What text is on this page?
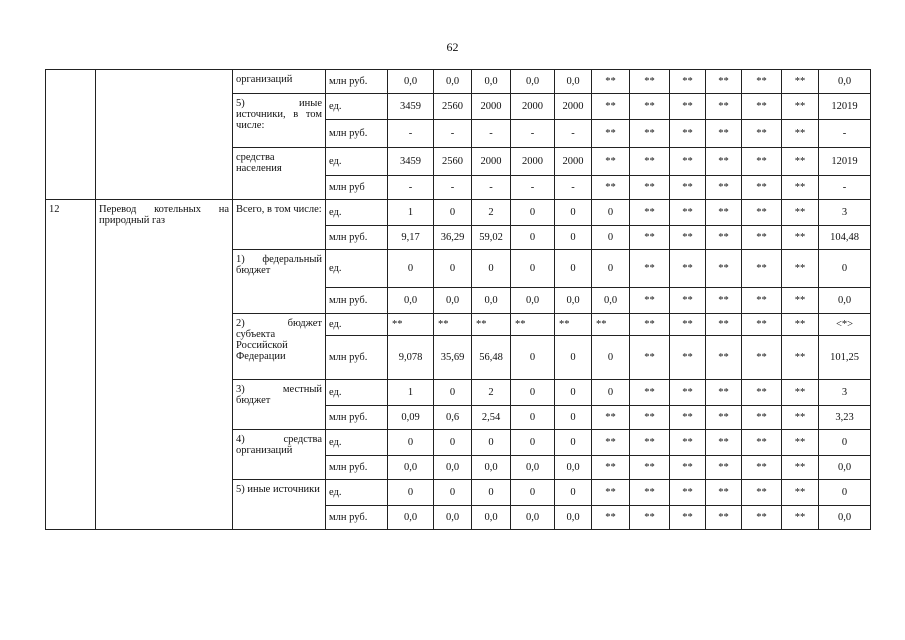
62
		организаций	млн руб.	0,0	0,0	0,0	0,0	0,0	**	**	**	**	**	**	0,0
		5) иные источники, в том числе:	ед.	3459	2560	2000	2000	2000	**	**	**	**	**	**	12019
			млн руб.	-	-	-	-	-	**	**	**	**	**	**	-
		средства населения	ед.	3459	2560	2000	2000	2000	**	**	**	**	**	**	12019
			млн руб	-	-	-	-	-	**	**	**	**	**	**	-
12	Перевод котельных на природный газ	Всего, в том числе:	ед.	1	0	2	0	0	0	**	**	**	**	**	3
			млн руб.	9,17	36,29	59,02	0	0	0	**	**	**	**	**	104,48
		1) федеральный бюджет	ед.	0	0	0	0	0	0	**	**	**	**	**	0
			млн руб.	0,0	0,0	0,0	0,0	0,0	0,0	**	**	**	**	**	0,0
		2) бюджет субъекта Российской Федерации	ед.	**	**	**	**	**	**	**	**	**	**	**	<*>
			млн руб.	9,078	35,69	56,48	0	0	0	**	**	**	**	**	101,25
		3) местный бюджет	ед.	1	0	2	0	0	0	**	**	**	**	**	3
			млн руб.	0,09	0,6	2,54	0	0	**	**	**	**	**	**	3,23
		4) средства организаций	ед.	0	0	0	0	0	**	**	**	**	**	**	0
			млн руб.	0,0	0,0	0,0	0,0	0,0	**	**	**	**	**	**	0,0
		5) иные источники	ед.	0	0	0	0	0	**	**	**	**	**	**	0
			млн руб.	0,0	0,0	0,0	0,0	0,0	**	**	**	**	**	**	0,0
